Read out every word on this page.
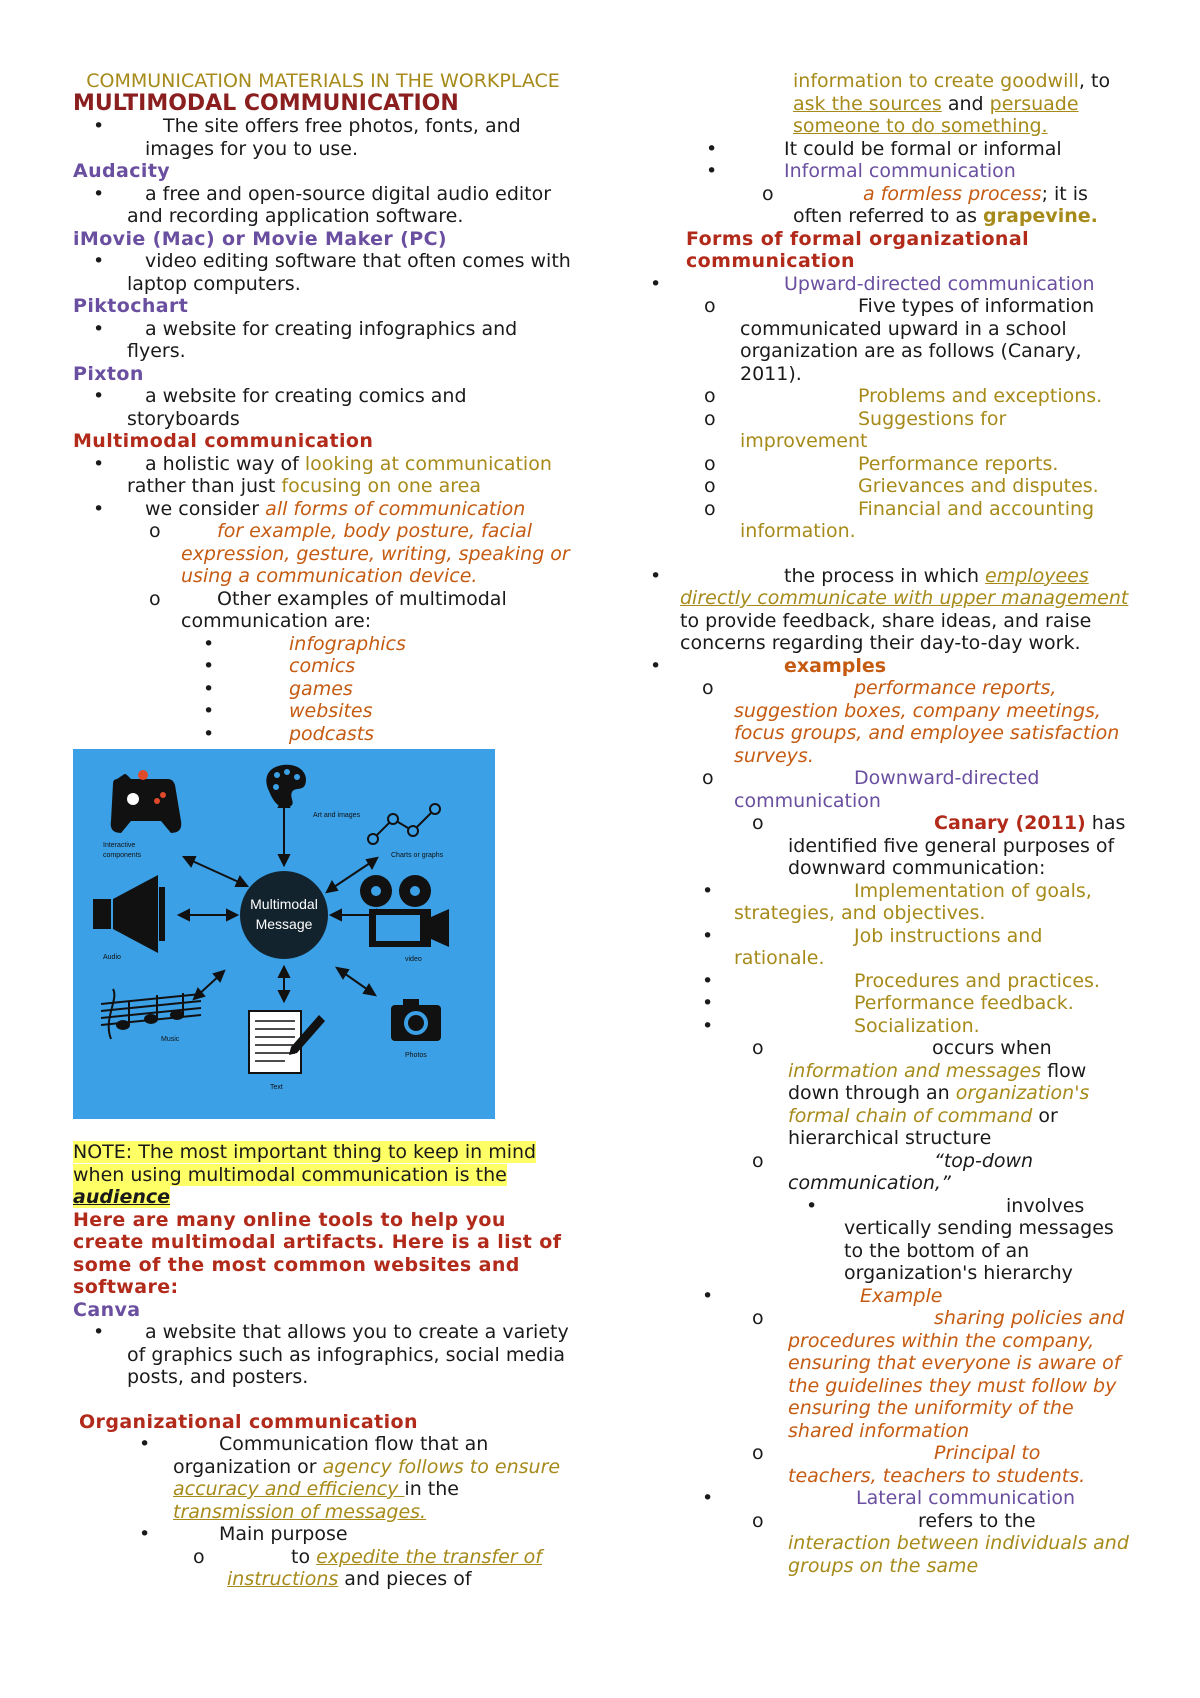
COMMUNICATION MATERIALS IN THE WORKPLACE

MULTIMODAL COMMUNICATION

•	The site offers free photos, fonts, and images for you to use.

Audacity

• a free and open-source digital audio editor and recording application software.

iMovie (Mac) or Movie Maker (PC)

• video editing software that often comes with laptop computers.

Piktochart

• a website for creating infographics and flyers.

Pixton

• a website for creating comics and storyboards

Multimodal communication

• a holistic way of looking at communication rather than just focusing on one area
• we consider all forms of communication
o	for example, body posture, facial expression, gesture, writing, speaking or using a communication device.
o	Other examples of multimodal communication are:
•	infographics
•	comics
•	games
•	websites
•	podcasts
Multimodal
Message
Art and images
Charts or graphs
Interactive
components
Audio	video
Music
Text
Photos

NOTE: The most important thing to keep in mind when using multimodal communication is the audience

Here are many online tools to help you create multimodal artifacts. Here is a list of some of the most common websites and software:

Canva

• a website that allows you to create a variety of graphics such as infographics, social media posts, and posters.

Organizational communication

•	Communication flow that an organization or agency follows to ensure accuracy and efficiency in the transmission of messages.
•	Main purpose
o	to expedite the transfer of instructions and pieces of
information to create goodwill, to ask the sources and persuade someone to do something.
•	It could be formal or informal
•	Informal communication
o	a formless process; it is often referred to as grapevine.

Forms of formal organizational communication

•	Upward-directed communication
o	Five types of information communicated upward in a school organization are as follows (Canary, 2011).
o	Problems and exceptions.
o	Suggestions for improvement
o	Performance reports.
o	Grievances and disputes.
o	Financial and accounting information.
•	the process in which employees directly communicate with upper management to provide feedback, share ideas, and raise concerns regarding their day-to-day work.
•	examples
o	performance reports, suggestion boxes, company meetings, focus groups, and employee satisfaction surveys.
o	Downward-directed communication
o	Canary (2011) has identified five general purposes of downward communication:
•	Implementation of goals, strategies, and objectives.
•	Job instructions and rationale.
•	Procedures and practices.
•	Performance feedback.
•	Socialization.
o	occurs when information and messages flow down through an organization's formal chain of command or hierarchical structure
o	“top-down communication,”
•	involves vertically sending messages to the bottom of an organization's hierarchy
•	Example
o	sharing policies and procedures within the company, ensuring that everyone is aware of the guidelines they must follow by ensuring the uniformity of the shared information
o	Principal to teachers, teachers to students.
•	Lateral communication
o	refers to the interaction between individuals and groups on the same
